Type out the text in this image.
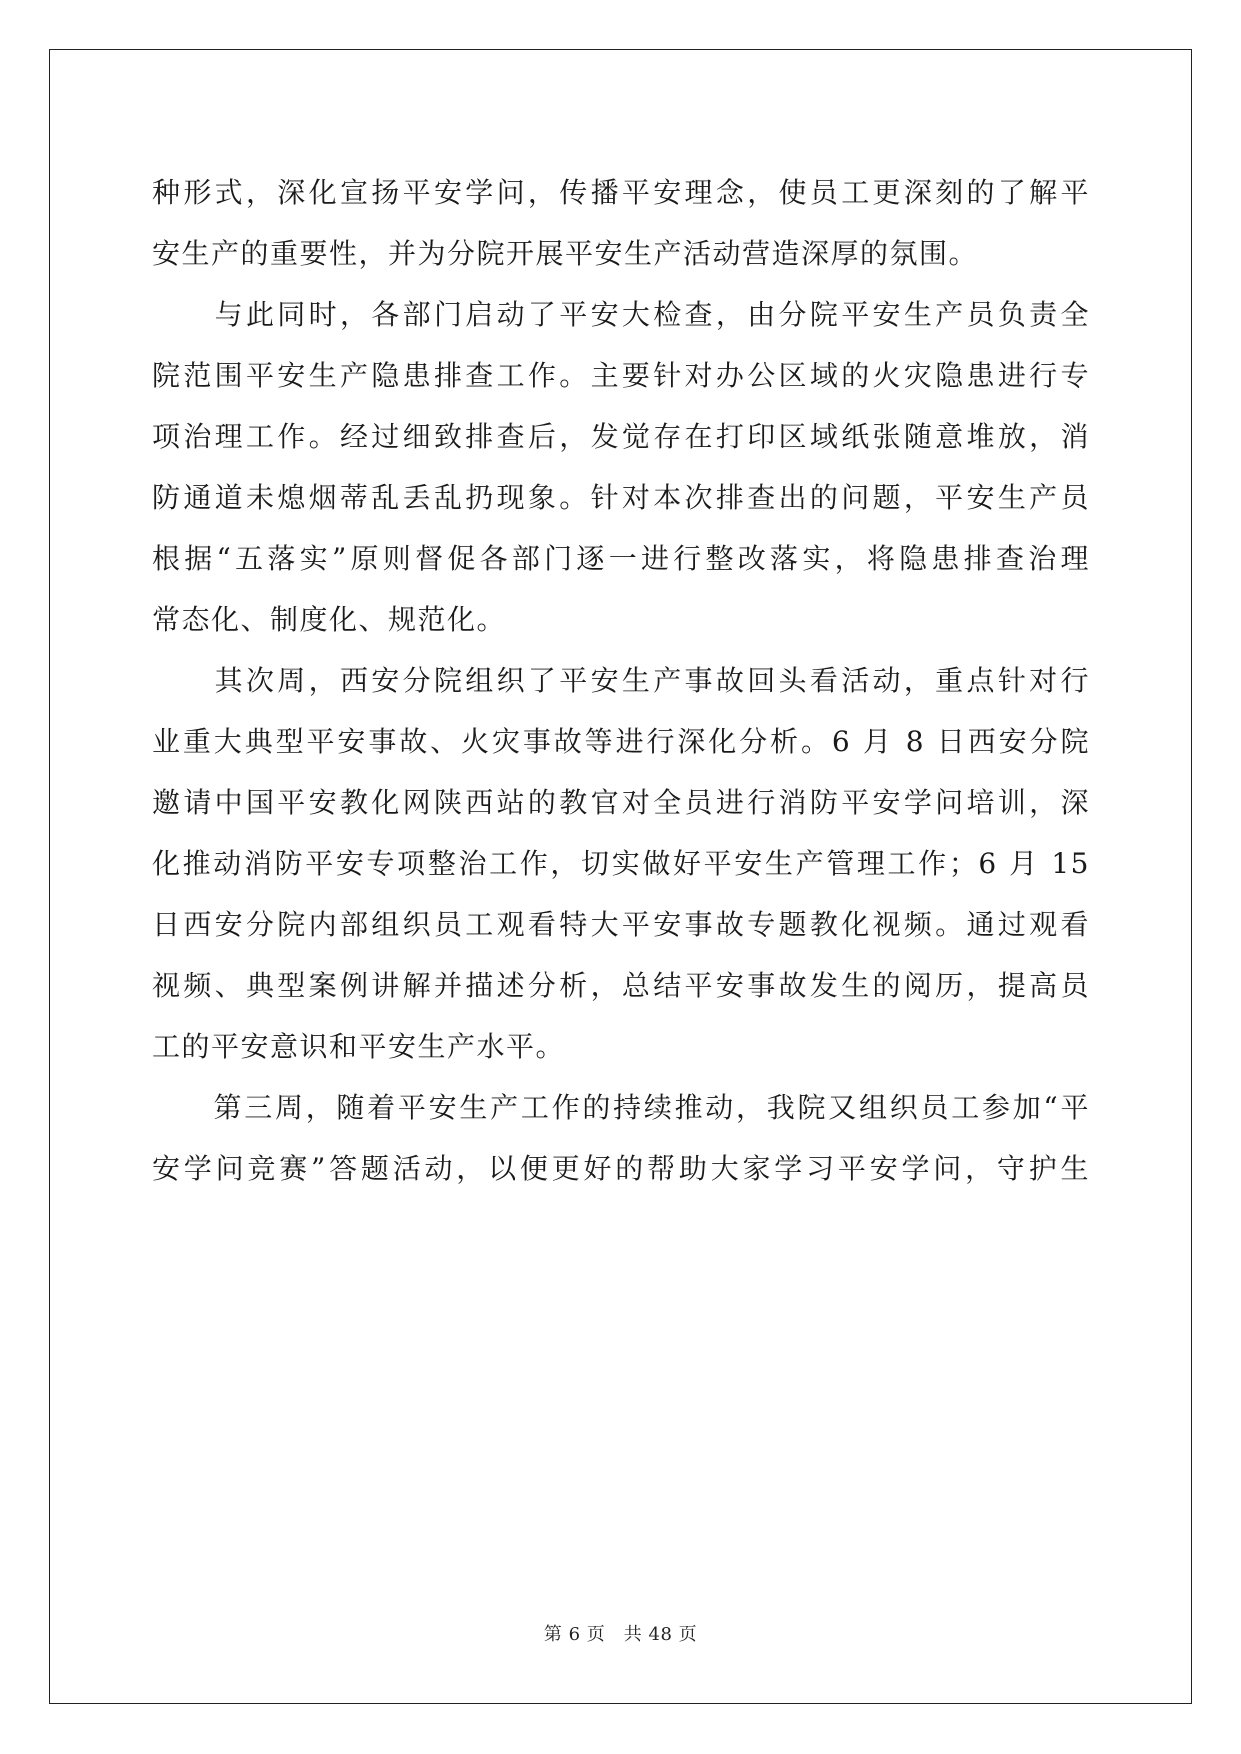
种形式，深化宣扬平安学问，传播平安理念，使员工更深刻的了解平
安生产的重要性，并为分院开展平安生产活动营造深厚的氛围。
　　与此同时，各部门启动了平安大检查，由分院平安生产员负责全
院范围平安生产隐患排查工作。主要针对办公区域的火灾隐患进行专
项治理工作。经过细致排查后，发觉存在打印区域纸张随意堆放，消
防通道未熄烟蒂乱丢乱扔现象。针对本次排查出的问题，平安生产员
根据“五落实”原则督促各部门逐一进行整改落实，将隐患排查治理
常态化、制度化、规范化。
　　其次周，西安分院组织了平安生产事故回头看活动，重点针对行
业重大典型平安事故、火灾事故等进行深化分析。6 月 8 日西安分院
邀请中国平安教化网陕西站的教官对全员进行消防平安学问培训，深
化推动消防平安专项整治工作，切实做好平安生产管理工作；6 月 15
日西安分院内部组织员工观看特大平安事故专题教化视频。通过观看
视频、典型案例讲解并描述分析，总结平安事故发生的阅历，提高员
工的平安意识和平安生产水平。
　　第三周，随着平安生产工作的持续推动，我院又组织员工参加“平
安学问竞赛”答题活动，以便更好的帮助大家学习平安学问，守护生
第 6 页　共 48 页
